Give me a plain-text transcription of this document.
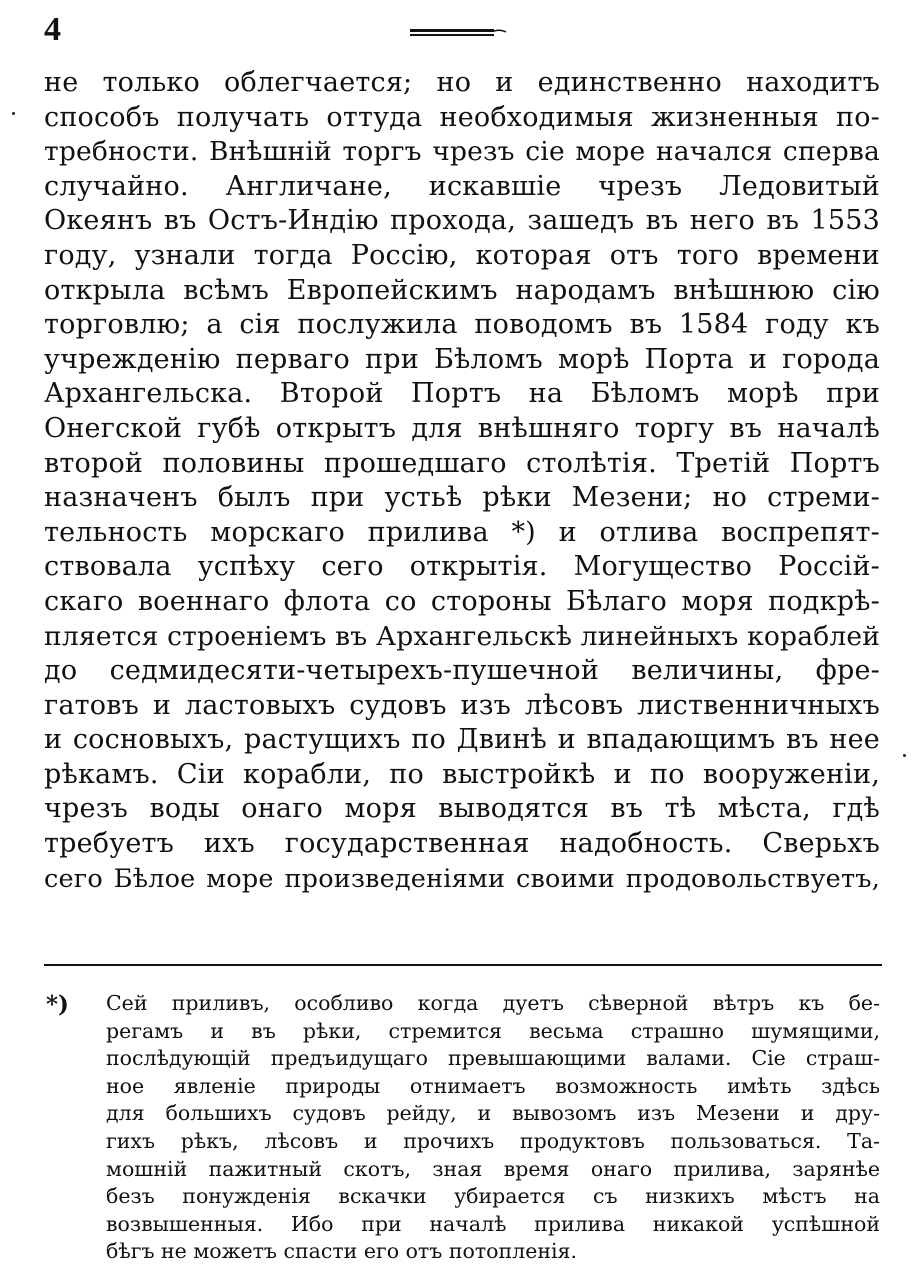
4
не только облегчается; но и единственно находитъ
способъ получать оттуда необходимыя жизненныя по-
требности. Внѣшній торгъ чрезъ сіе море начался сперва
случайно. Англичане, искавшіе чрезъ Ледовитый
Океянъ въ Остъ-Индію прохода, зашедъ въ него въ 1553
году, узнали тогда Россію, которая отъ того времени
открыла всѣмъ Европейскимъ народамъ внѣшнюю сію
торговлю; а сія послужила поводомъ въ 1584 году къ
учрежденію перваго при Бѣломъ морѣ Порта и города
Архангельска. Второй Портъ на Бѣломъ морѣ при
Онегской губѣ открытъ для внѣшняго торгу въ началѣ
второй половины прошедшаго столѣтія. Третій Портъ
назначенъ былъ при устьѣ рѣки Мезени; но стреми-
тельность морскаго прилива *) и отлива воспрепят-
ствовала успѣху сего открытія. Могущество Россій-
скаго военнаго флота со стороны Бѣлаго моря подкрѣ-
пляется строеніемъ въ Архангельскѣ линейныхъ кораблей
до седмидесяти-четырехъ-пушечной величины, фре-
гатовъ и ластовыхъ судовъ изъ лѣсовъ лиственничныхъ
и сосновыхъ, растущихъ по Двинѣ и впадающимъ въ нее
рѣкамъ. Сіи корабли, по выстройкѣ и по вооруженіи,
чрезъ воды онаго моря выводятся въ тѣ мѣста, гдѣ
требуетъ ихъ государственная надобность. Сверьхъ
сего Бѣлое море произведеніями своими продовольствуетъ,
*) Сей приливъ, особливо когда дуетъ сѣверной вѣтръ къ бе-
регамъ и въ рѣки, стремится весьма страшно шумящими,
послѣдующій предъидущаго превышающими валами. Сіе страш-
ное явленіе природы отнимаетъ возможность имѣть здѣсь
для большихъ судовъ рейду, и вывозомъ изъ Мезени и дру-
гихъ рѣкъ, лѣсовъ и прочихъ продуктовъ пользоваться. Та-
мошній пажитный скотъ, зная время онаго прилива, зарянѣе
безъ понужденія вскачки убирается съ низкихъ мѣстъ на
возвышенныя. Ибо при началѣ прилива никакой успѣшной
бѣгъ не можетъ спасти его отъ потопленія.
